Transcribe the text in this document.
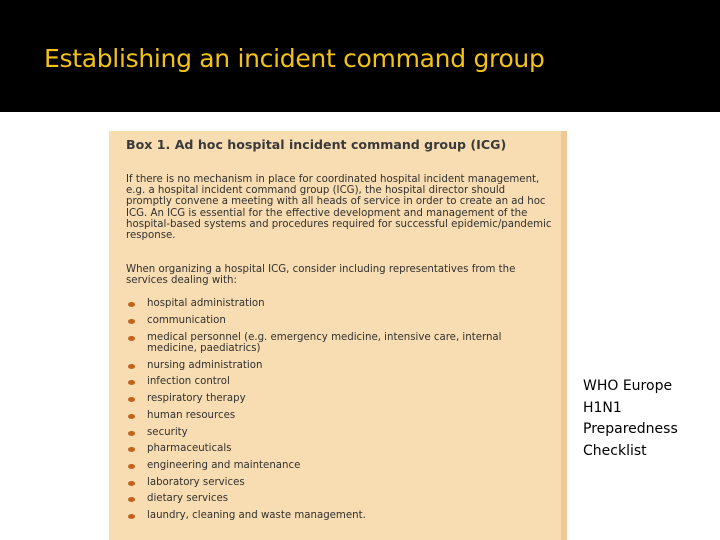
Establishing an incident command group
Box 1. Ad hoc hospital incident command group (ICG)
If there is no mechanism in place for coordinated hospital incident management, e.g. a hospital incident command group (ICG), the hospital director should promptly convene a meeting with all heads of service in order to create an ad hoc ICG. An ICG is essential for the effective development and management of the hospital-based systems and procedures required for successful epidemic/pandemic response.
When organizing a hospital ICG, consider including representatives from the services dealing with:
hospital administration
communication
medical personnel (e.g. emergency medicine, intensive care, internal medicine, paediatrics)
nursing administration
infection control
respiratory therapy
human resources
security
pharmaceuticals
engineering and maintenance
laboratory services
dietary services
laundry, cleaning and waste management.
WHO Europe
H1N1
Preparedness
Checklist
